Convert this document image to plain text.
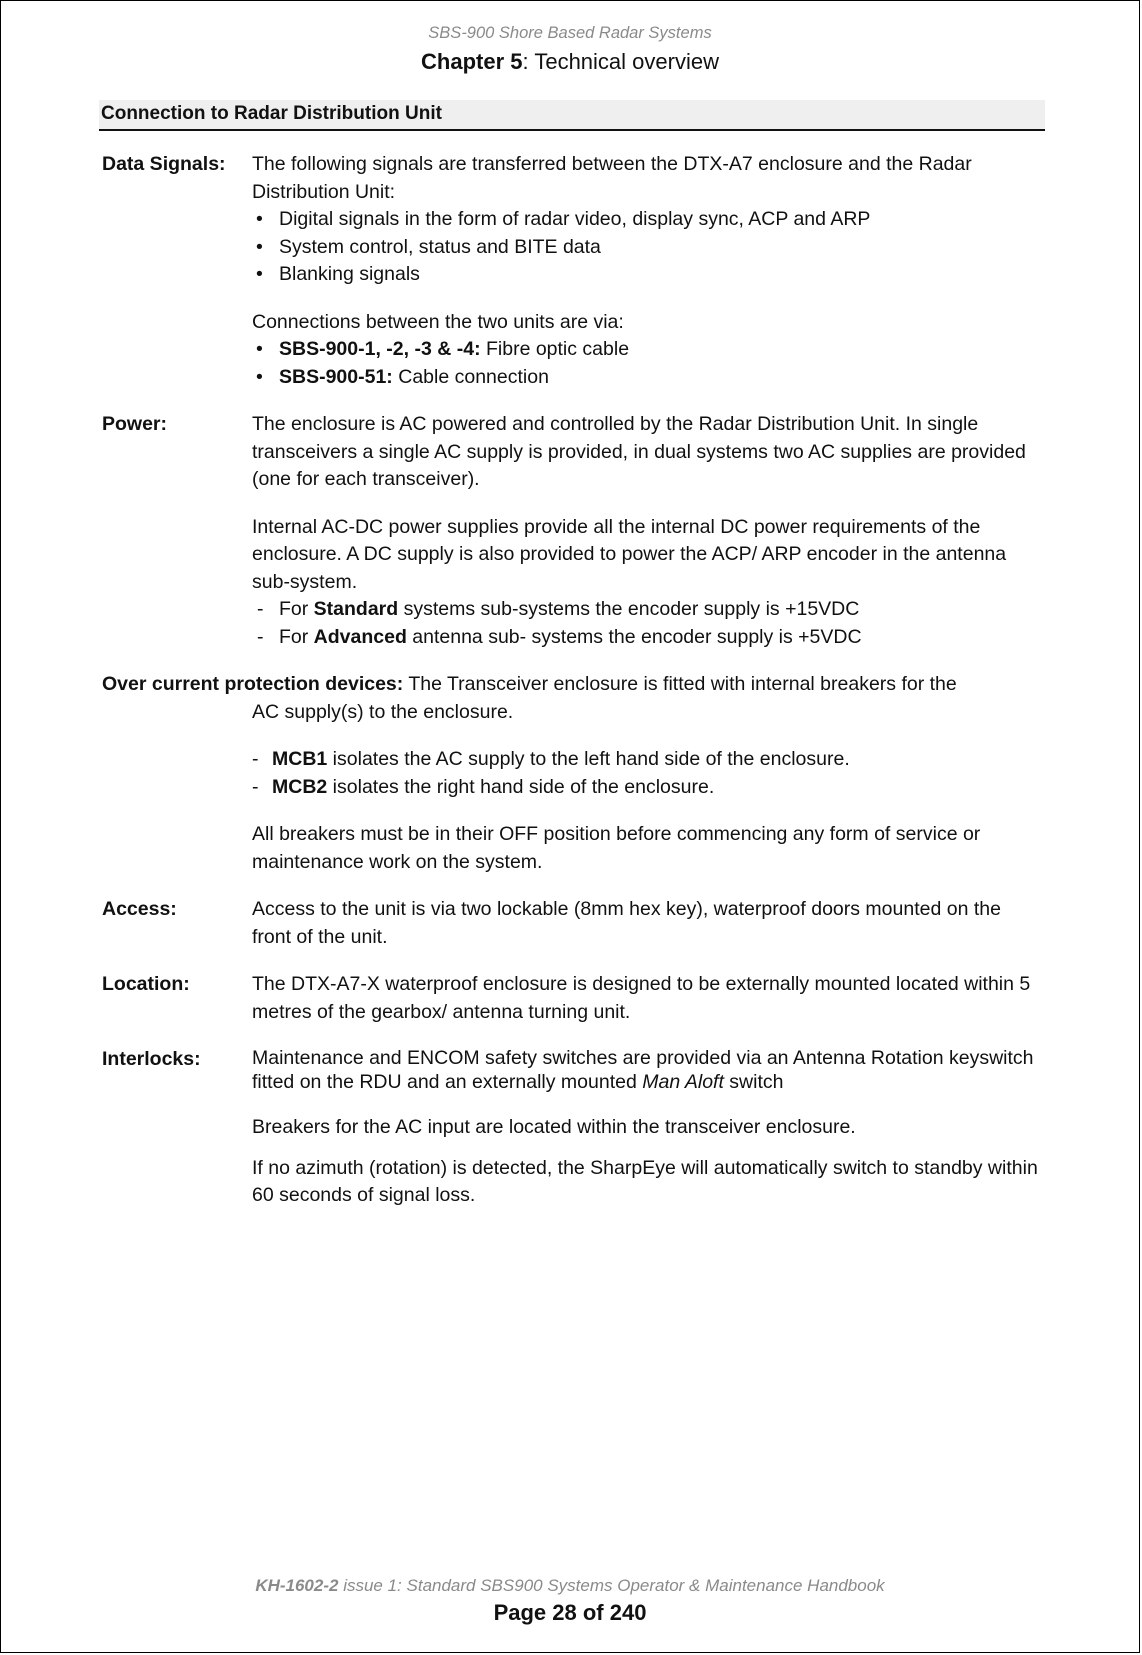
SBS-900 Shore Based Radar Systems
Chapter 5: Technical overview
Connection to Radar Distribution Unit
Data Signals: The following signals are transferred between the DTX-A7 enclosure and the Radar Distribution Unit:

• Digital signals in the form of radar video, display sync, ACP and ARP
• System control, status and BITE data
• Blanking signals

Connections between the two units are via:

• SBS-900-1, -2, -3 & -4: Fibre optic cable
• SBS-900-51: Cable connection
Power:	The enclosure is AC powered and controlled by the Radar Distribution Unit. In single transceivers a single AC supply is provided, in dual systems two AC supplies are provided (one for each transceiver).

Internal AC-DC power supplies provide all the internal DC power requirements of the enclosure. A DC supply is also provided to power the ACP/ ARP encoder in the antenna sub-system.

- For Standard systems sub-systems the encoder supply is +15VDC
- For Advanced antenna sub- systems the encoder supply is +5VDC
Over current protection devices: The Transceiver enclosure is fitted with internal breakers for the

AC supply(s) to the enclosure.

- MCB1 isolates the AC supply to the left hand side of the enclosure.
- MCB2 isolates the right hand side of the enclosure.

All breakers must be in their OFF position before commencing any form of service or maintenance work on the system.

Access:	Access to the unit is via two lockable (8mm hex key), waterproof doors mounted on the front of the unit.

Location:	The DTX-A7-X waterproof enclosure is designed to be externally mounted located within 5 metres of the gearbox/ antenna turning unit.

Interlocks:	Maintenance and ENCOM safety switches are provided via an Antenna Rotation keyswitch fitted on the RDU and an externally mounted Man Aloft switch

Breakers for the AC input are located within the transceiver enclosure.

If no azimuth (rotation) is detected, the SharpEye will automatically switch to standby within 60 seconds of signal loss.

KH-1602-2 issue 1: Standard SBS900 Systems Operator & Maintenance Handbook
Page 28 of 240
